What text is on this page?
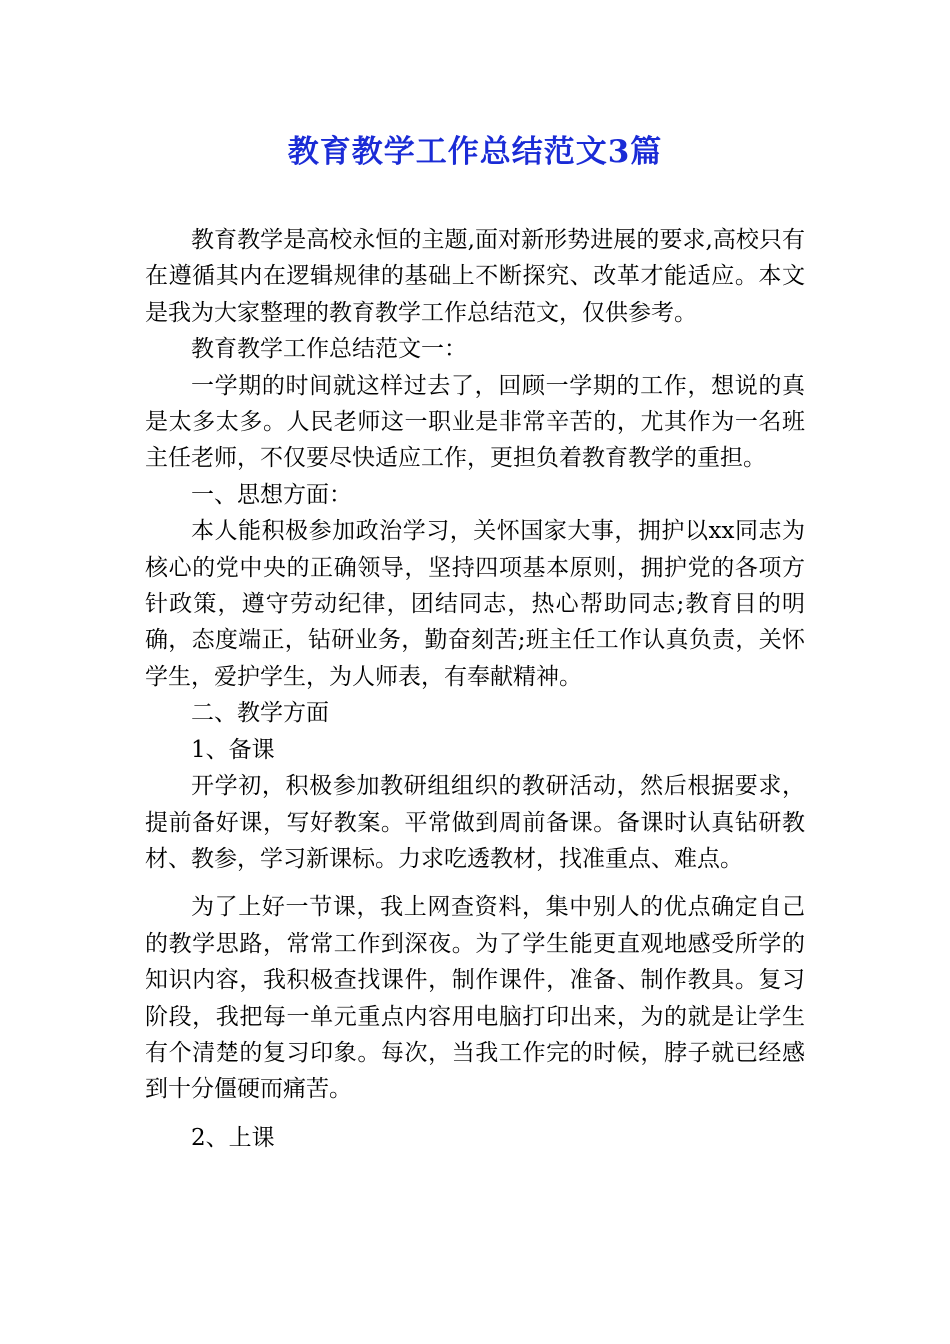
教育教学工作总结范文3篇

教育教学是高校永恒的主题,面对新形势进展的要求,高校只有在遵循其内在逻辑规律的基础上不断探究、改革才能适应。本文是我为大家整理的教育教学工作总结范文，仅供参考。

教育教学工作总结范文一：

一学期的时间就这样过去了，回顾一学期的工作，想说的真是太多太多。人民老师这一职业是非常辛苦的，尤其作为一名班主任老师，不仅要尽快适应工作，更担负着教育教学的重担。

一、思想方面：

本人能积极参加政治学习，关怀国家大事，拥护以xx同志为核心的党中央的正确领导，坚持四项基本原则，拥护党的各项方针政策，遵守劳动纪律，团结同志，热心帮助同志;教育目的明确，态度端正，钻研业务，勤奋刻苦;班主任工作认真负责，关怀学生，爱护学生，为人师表，有奉献精神。

二、教学方面

1、备课

开学初，积极参加教研组组织的教研活动，然后根据要求，提前备好课，写好教案。平常做到周前备课。备课时认真钻研教材、教参，学习新课标。力求吃透教材，找准重点、难点。

为了上好一节课，我上网查资料，集中别人的优点确定自己的教学思路，常常工作到深夜。为了学生能更直观地感受所学的知识内容，我积极查找课件，制作课件，准备、制作教具。复习阶段，我把每一单元重点内容用电脑打印出来，为的就是让学生有个清楚的复习印象。每次，当我工作完的时候，脖子就已经感到十分僵硬而痛苦。

2、上课
